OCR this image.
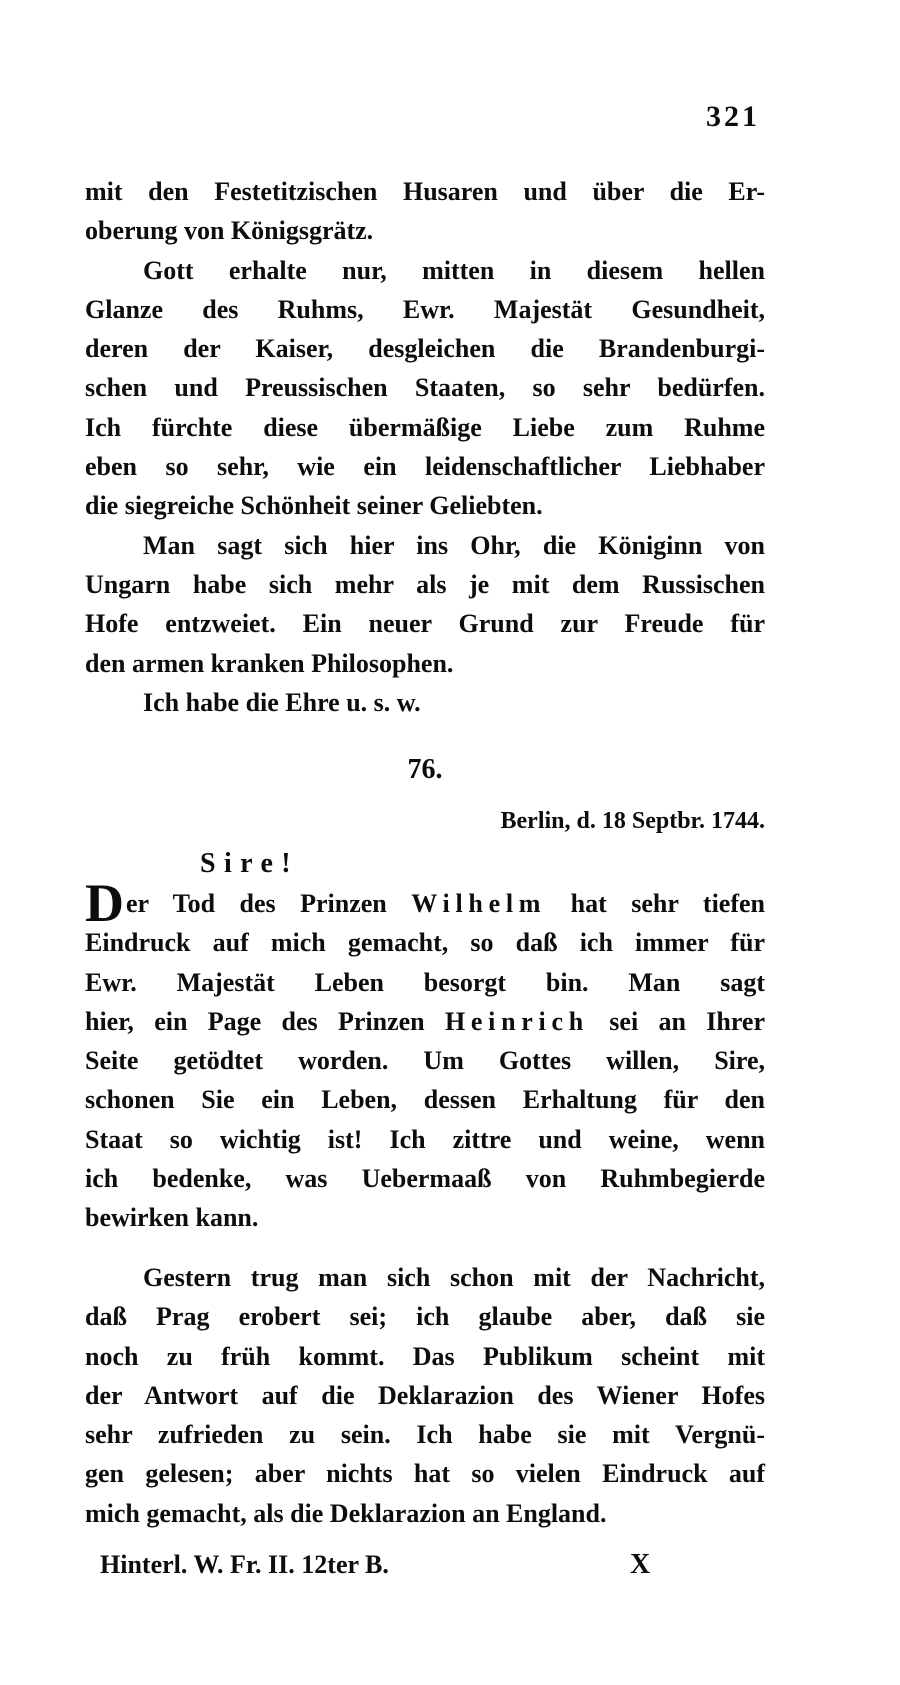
321
mit den Festetitzischen Husaren und über die Er-
oberung von Königsgrätz.
Gott erhalte nur, mitten in diesem hellen
Glanze des Ruhms, Ewr. Majestät Gesundheit,
deren der Kaiser, desgleichen die Brandenburgi-
schen und Preussischen Staaten, so sehr bedürfen.
Ich fürchte diese übermäßige Liebe zum Ruhme
eben so sehr, wie ein leidenschaftlicher Liebhaber
die siegreiche Schönheit seiner Geliebten.
Man sagt sich hier ins Ohr, die Königinn von
Ungarn habe sich mehr als je mit dem Russischen
Hofe entzweiet. Ein neuer Grund zur Freude für
den armen kranken Philosophen.
Ich habe die Ehre u. s. w.
76.
Berlin, d. 18 Septbr. 1744.
Sire!
Der Tod des Prinzen Wilhelm hat sehr tiefen
Eindruck auf mich gemacht, so daß ich immer für
Ewr. Majestät Leben besorgt bin. Man sagt
hier, ein Page des Prinzen Heinrich sei an Ihrer
Seite getödtet worden. Um Gottes willen, Sire,
schonen Sie ein Leben, dessen Erhaltung für den
Staat so wichtig ist! Ich zittre und weine, wenn
ich bedenke, was Uebermaaß von Ruhmbegierde
bewirken kann.
Gestern trug man sich schon mit der Nachricht,
daß Prag erobert sei; ich glaube aber, daß sie
noch zu früh kommt. Das Publikum scheint mit
der Antwort auf die Deklarazion des Wiener Hofes
sehr zufrieden zu sein. Ich habe sie mit Vergnü-
gen gelesen; aber nichts hat so vielen Eindruck auf
mich gemacht, als die Deklarazion an England.
Hinterl. W. Fr. II. 12ter B.	X
